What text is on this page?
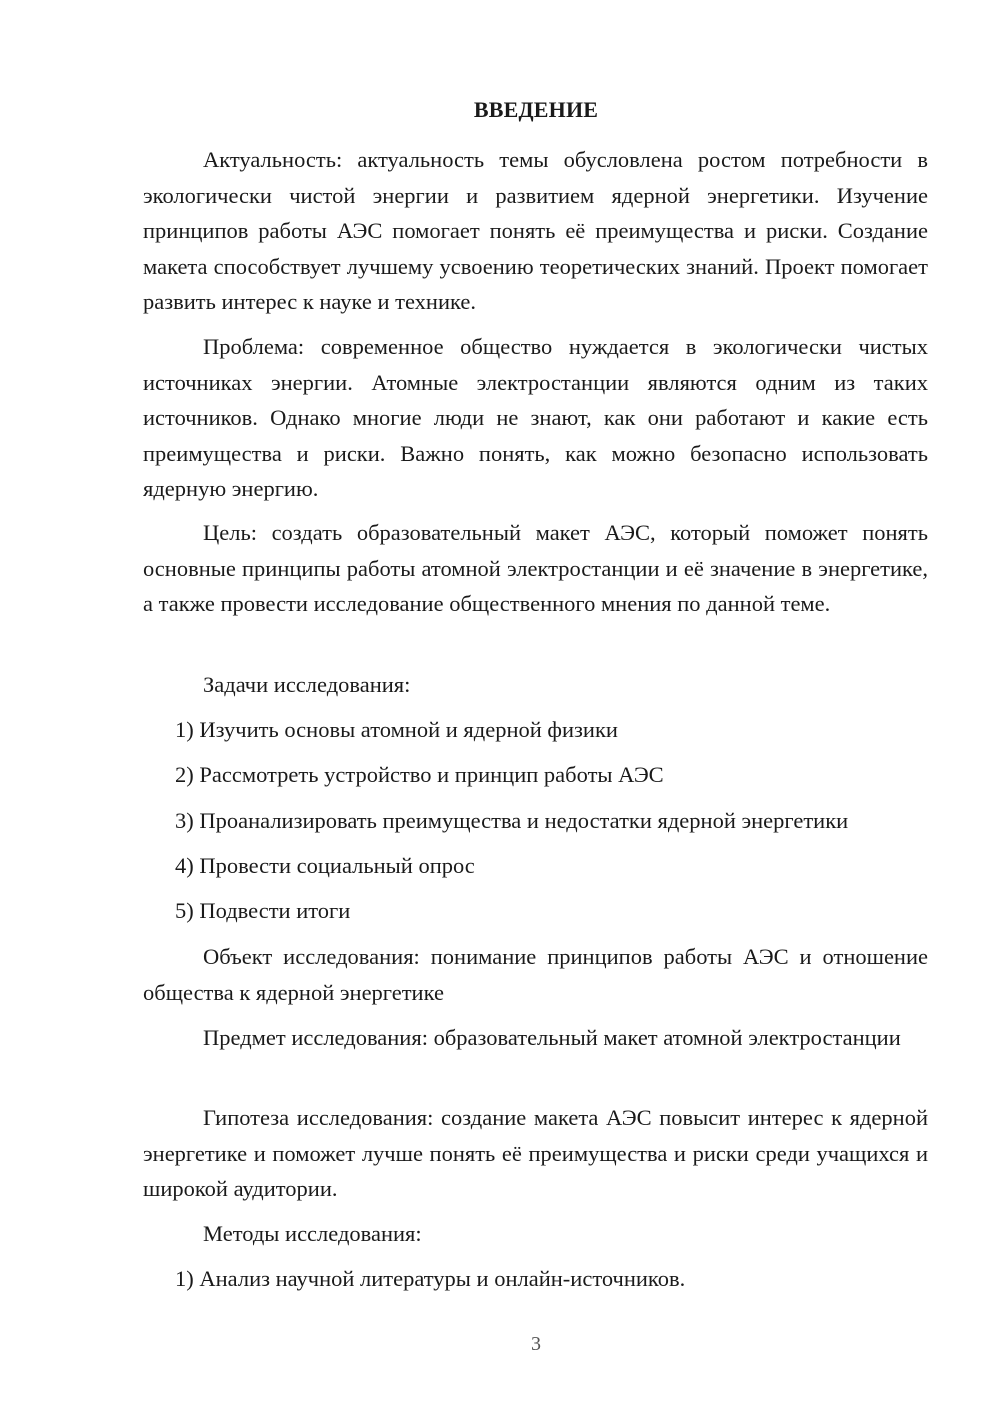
ВВЕДЕНИЕ

Актуальность: актуальность темы обусловлена ростом потребности в экологически чистой энергии и развитием ядерной энергетики. Изучение принципов работы АЭС помогает понять её преимущества и риски. Создание макета способствует лучшему усвоению теоретических знаний. Проект помогает развить интерес к науке и технике.

Проблема: современное общество нуждается в экологически чистых источниках энергии. Атомные электростанции являются одним из таких источников. Однако многие люди не знают, как они работают и какие есть преимущества и риски. Важно понять, как можно безопасно использовать ядерную энергию.

Цель: создать образовательный макет АЭС, который поможет понять основные принципы работы атомной электростанции и её значение в энергетике, а также провести исследование общественного мнения по данной теме.

Задачи исследования:

1) Изучить основы атомной и ядерной физики

2) Рассмотреть устройство и принцип работы АЭС

3) Проанализировать преимущества и недостатки ядерной энергетики

4) Провести социальный опрос

5) Подвести итоги

Объект исследования: понимание принципов работы АЭС и отношение общества к ядерной энергетике

Предмет исследования: образовательный макет атомной электростанции

Гипотеза исследования: создание макета АЭС повысит интерес к ядерной энергетике и поможет лучше понять её преимущества и риски среди учащихся и широкой аудитории.

Методы исследования:

1) Анализ научной литературы и онлайн-источников.

3
